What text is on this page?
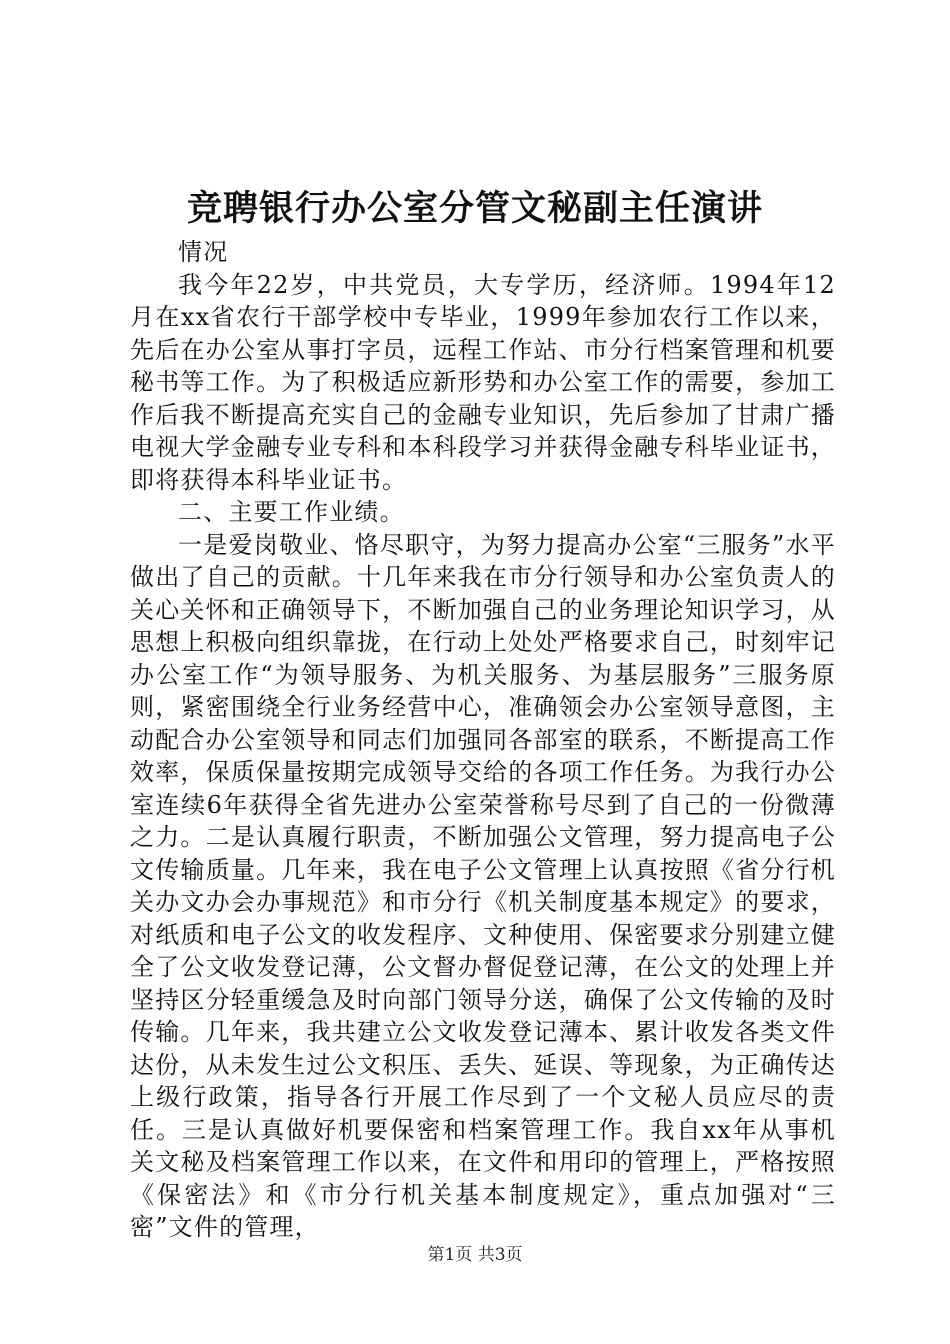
竞聘银行办公室分管文秘副主任演讲

情况

我今年22岁，中共党员，大专学历，经济师。1994年12月在xx省农行干部学校中专毕业，1999年参加农行工作以来，先后在办公室从事打字员，远程工作站、市分行档案管理和机要秘书等工作。为了积极适应新形势和办公室工作的需要，参加工作后我不断提高充实自己的金融专业知识，先后参加了甘肃广播电视大学金融专业专科和本科段学习并获得金融专科毕业证书，即将获得本科毕业证书。

二、主要工作业绩。

一是爱岗敬业、恪尽职守，为努力提高办公室“三服务”水平做出了自己的贡献。十几年来我在市分行领导和办公室负责人的关心关怀和正确领导下，不断加强自己的业务理论知识学习，从思想上积极向组织靠拢，在行动上处处严格要求自己，时刻牢记办公室工作“为领导服务、为机关服务、为基层服务”三服务原则，紧密围绕全行业务经营中心，准确领会办公室领导意图，主动配合办公室领导和同志们加强同各部室的联系，不断提高工作效率，保质保量按期完成领导交给的各项工作任务。为我行办公室连续6年获得全省先进办公室荣誉称号尽到了自己的一份微薄之力。二是认真履行职责，不断加强公文管理，努力提高电子公文传输质量。几年来，我在电子公文管理上认真按照《省分行机关办文办会办事规范》和市分行《机关制度基本规定》的要求，对纸质和电子公文的收发程序、文种使用、保密要求分别建立健全了公文收发登记薄，公文督办督促登记薄，在公文的处理上并坚持区分轻重缓急及时向部门领导分送，确保了公文传输的及时传输。几年来，我共建立公文收发登记薄本、累计收发各类文件达份，从未发生过公文积压、丢失、延误、等现象，为正确传达上级行政策，指导各行开展工作尽到了一个文秘人员应尽的责任。三是认真做好机要保密和档案管理工作。我自xx年从事机关文秘及档案管理工作以来，在文件和用印的管理上，严格按照《保密法》和《市分行机关基本制度规定》，重点加强对“三密”文件的管理，

第1页 共3页
